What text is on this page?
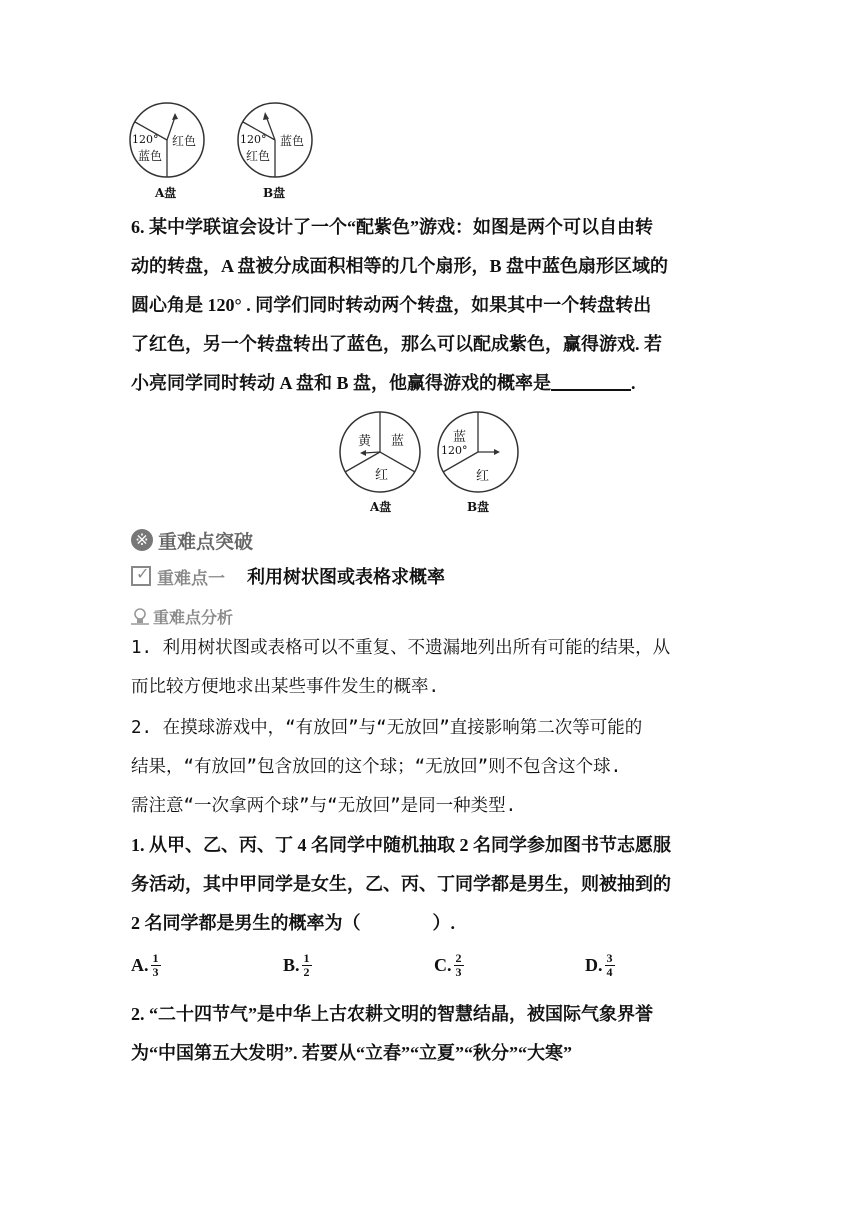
120°
蓝色
红色
A盘
120°
红色
蓝色
B盘
6. 某中学联谊会设计了一个“配紫色”游戏：如图是两个可以自由转
动的转盘，A 盘被分成面积相等的几个扇形，B 盘中蓝色扇形区域的
圆心角是 120° . 同学们同时转动两个转盘，如果其中一个转盘转出
了红色，另一个转盘转出了蓝色，那么可以配成紫色，赢得游戏. 若
小亮同学同时转动 A 盘和 B 盘，他赢得游戏的概率是	.
黄 蓝
红
A盘
蓝
120°
红
B盘
※ 重难点突破
✓ 重难点一 利用树状图或表格求概率
重难点分析
1. 利用树状图或表格可以不重复、不遗漏地列出所有可能的结果，从
而比较方便地求出某些事件发生的概率.
2. 在摸球游戏中，“有放回”与“无放回”直接影响第二次等可能的
结果，“有放回”包含放回的这个球；“无放回”则不包含这个球.
需注意“一次拿两个球”与“无放回”是同一种类型.
1. 从甲、乙、丙、丁 4 名同学中随机抽取 2 名同学参加图书节志愿服
务活动，其中甲同学是女生，乙、丙、丁同学都是男生，则被抽到的
2 名同学都是男生的概率为（　　　　）.
A. $\frac{1}{3}$	B. $\frac{1}{2}$	C. $\frac{2}{3}$	D. $\frac{3}{4}$
2. “二十四节气”是中华上古农耕文明的智慧结晶，被国际气象界誉
为“中国第五大发明”. 若要从“立春”“立夏”“秋分”“大寒”
